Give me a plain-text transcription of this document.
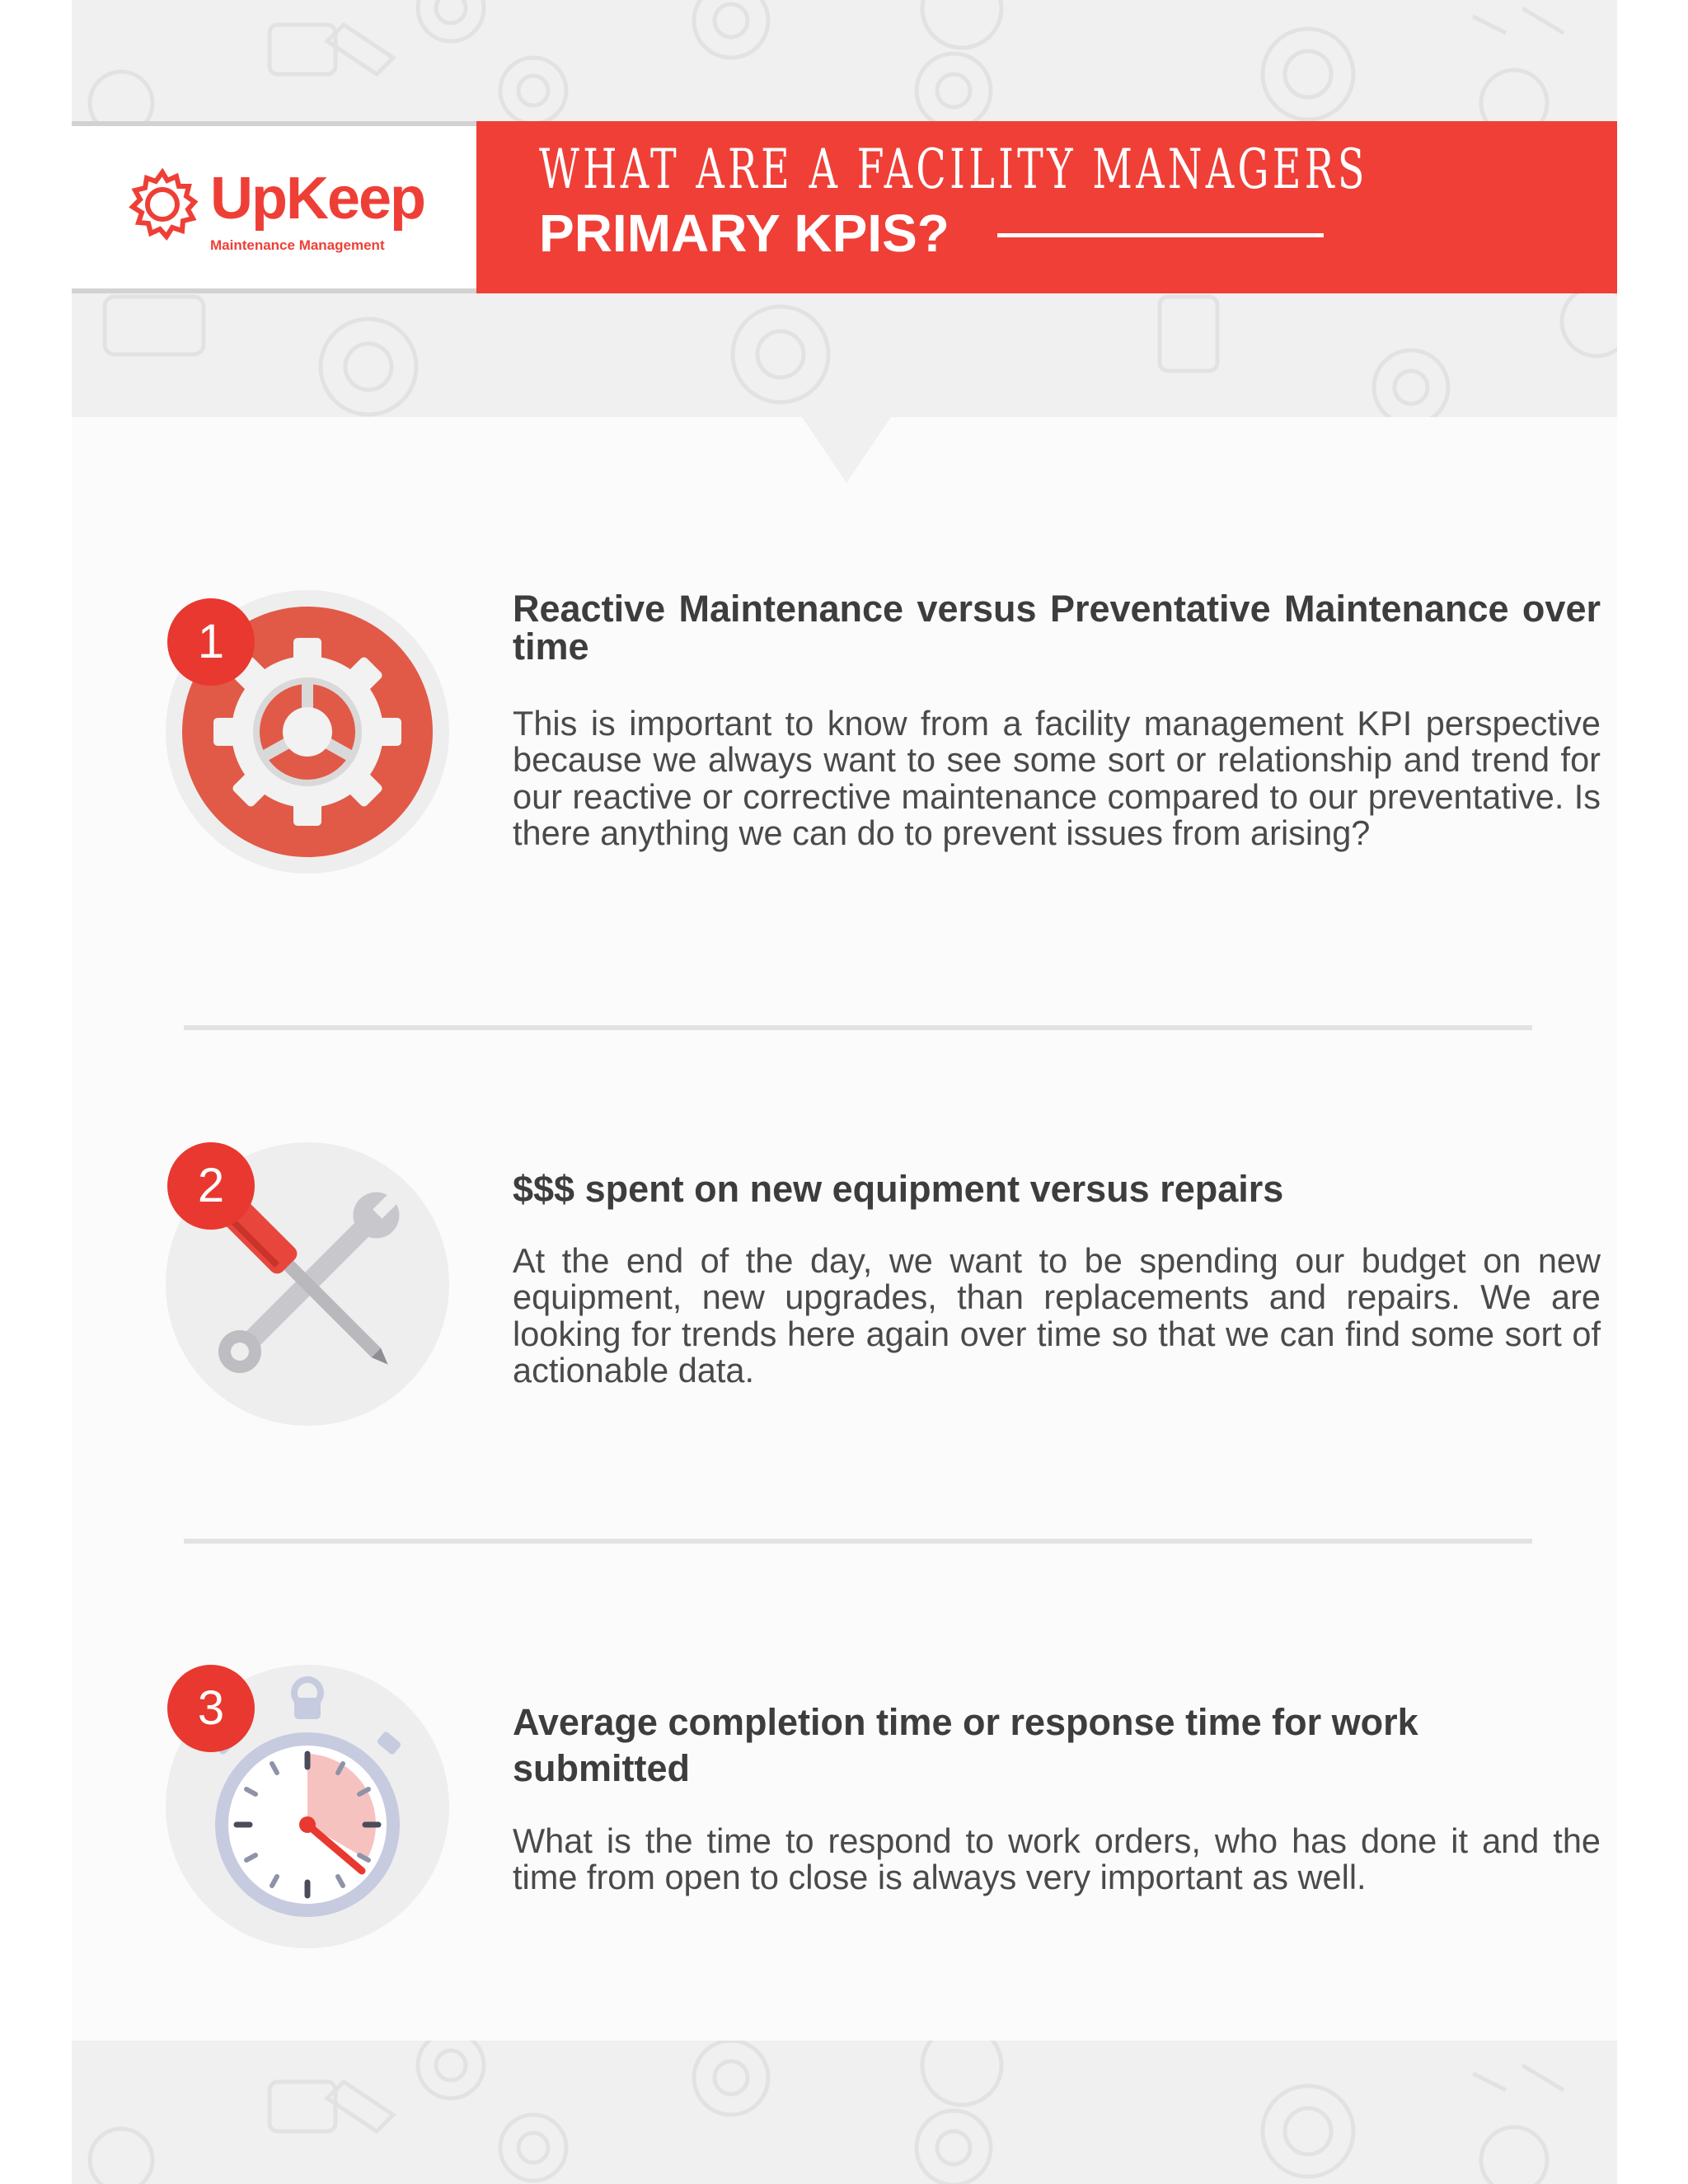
UpKeep
Maintenance Management
WHAT ARE A FACILITY MANAGERS
PRIMARY KPIS?
1
Reactive Maintenance versus Preventative Maintenance over time
This is important to know from a facility management KPI perspective because we always want to see some sort or relationship and trend for our reactive or corrective maintenance compared to our preventative. Is there anything we can do to prevent issues from arising?
2	$$$ spent on new equipment versus repairs
At the end of the day, we want to be spending our budget on new equipment, new upgrades, than replacements and repairs. We are looking for trends here again over time so that we can find some sort of actionable data.
3	Average completion time or response time for work submitted
What is the time to respond to work orders, who has done it and the time from open to close is always very important as well.
